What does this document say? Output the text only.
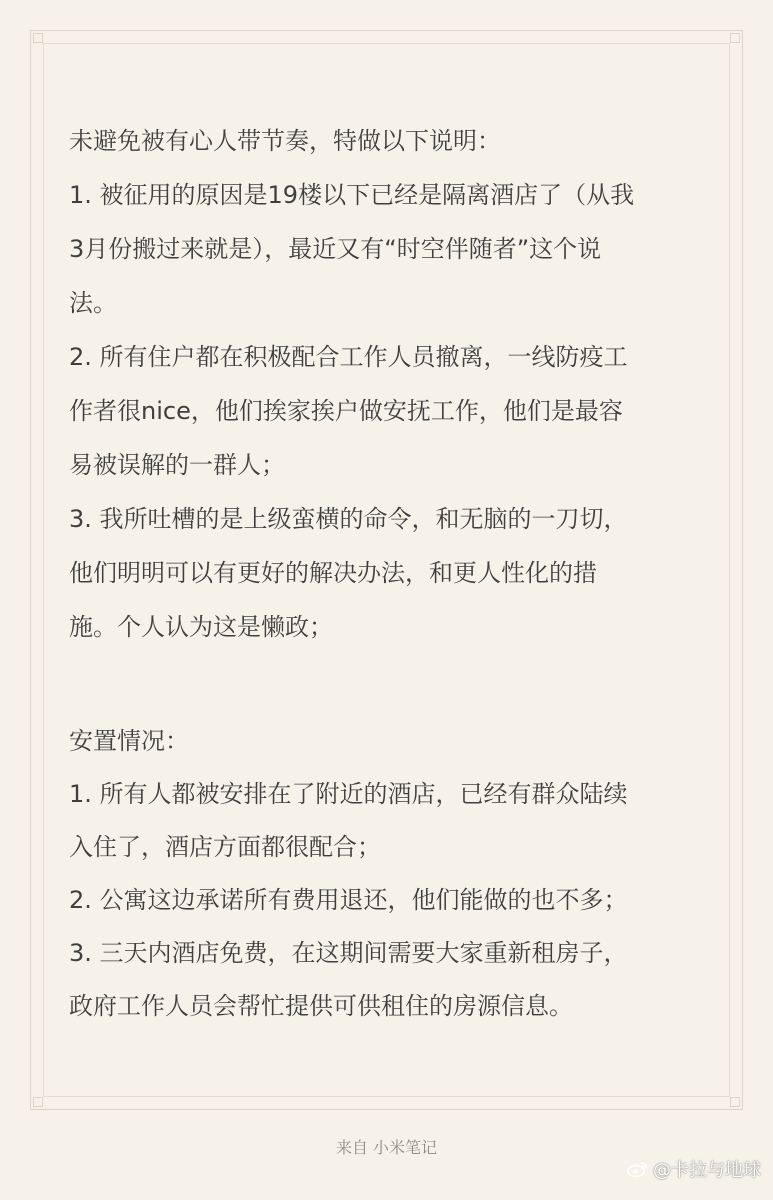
未避免被有心人带节奏，特做以下说明：

1. 被征用的原因是19楼以下已经是隔离酒店了（从我
3月份搬过来就是），最近又有“时空伴随者”这个说
法。

2. 所有住户都在积极配合工作人员撤离，一线防疫工
作者很nice，他们挨家挨户做安抚工作，他们是最容
易被误解的一群人；

3. 我所吐槽的是上级蛮横的命令，和无脑的一刀切，
他们明明可以有更好的解决办法，和更人性化的措
施。个人认为这是懒政；

安置情况：

1. 所有人都被安排在了附近的酒店，已经有群众陆续
入住了，酒店方面都很配合；

2. 公寓这边承诺所有费用退还，他们能做的也不多；

3. 三天内酒店免费，在这期间需要大家重新租房子，
政府工作人员会帮忙提供可供租住的房源信息。

来自 小米笔记
@卡拉与地球
